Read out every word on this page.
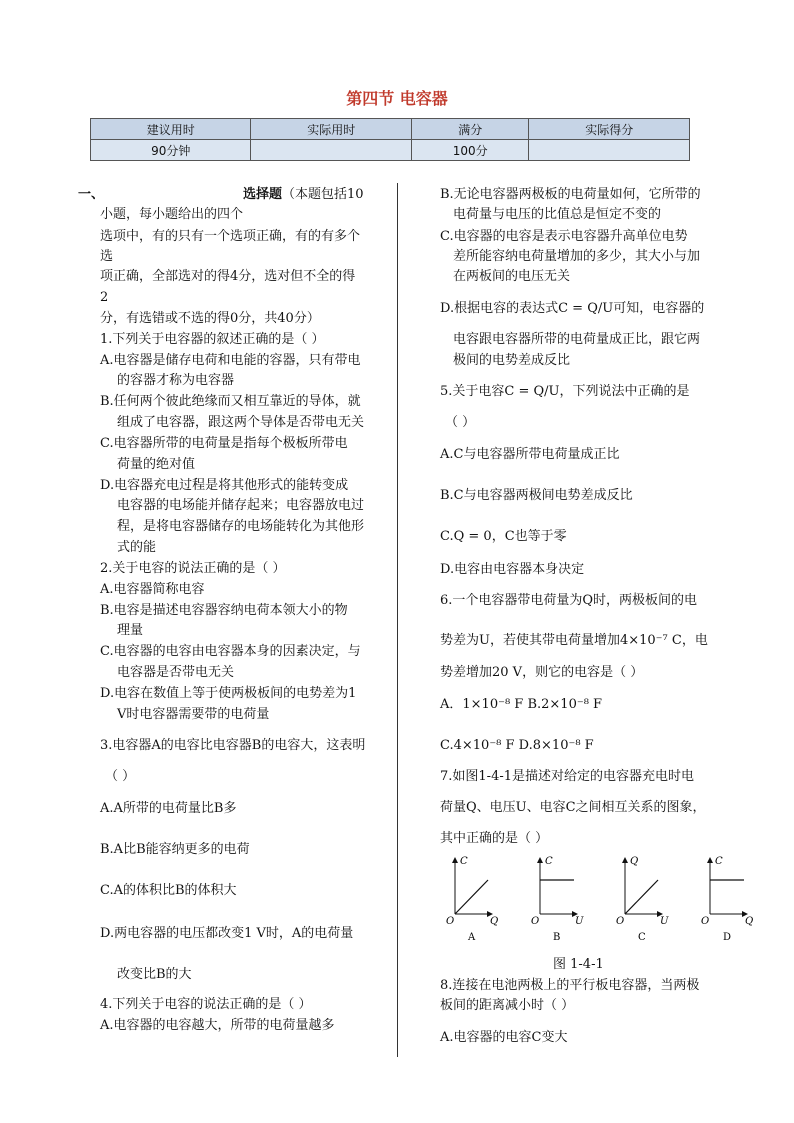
第四节 电容器
建议用时	实际用时	满分	实际得分
90分钟		100分	
一、	选择题（本题包括10
小题，每小题给出的四个
选项中，有的只有一个选项正确，有的有多个
选
项正确，全部选对的得4分，选对但不全的得
2
分，有选错或不选的得0分，共40分）
1.下列关于电容器的叙述正确的是（ ）
A.电容器是储存电荷和电能的容器，只有带电
的容器才称为电容器
B.任何两个彼此绝缘而又相互靠近的导体，就
组成了电容器，跟这两个导体是否带电无关
C.电容器所带的电荷量是指每个极板所带电
荷量的绝对值
D.电容器充电过程是将其他形式的能转变成
电容器的电场能并储存起来；电容器放电过
程，是将电容器储存的电场能转化为其他形
式的能
2.关于电容的说法正确的是（ ）
A.电容器简称电容
B.电容是描述电容器容纳电荷本领大小的物
理量
C.电容器的电容由电容器本身的因素决定，与
电容器是否带电无关
D.电容在数值上等于使两极板间的电势差为1
V时电容器需要带的电荷量
3.电容器A的电容比电容器B的电容大，这表明
（ ）
A.A所带的电荷量比B多
B.A比B能容纳更多的电荷
C.A的体积比B的体积大
D.两电容器的电压都改变1 V时，A的电荷量
改变比B的大
4.下列关于电容的说法正确的是（ ）
A.电容器的电容越大，所带的电荷量越多
B.无论电容器两极板的电荷量如何，它所带的
电荷量与电压的比值总是恒定不变的
C.电容器的电容是表示电容器升高单位电势
差所能容纳电荷量增加的多少，其大小与加
在两板间的电压无关
D.根据电容的表达式C = Q/U可知，电容器的
电容跟电容器所带的电荷量成正比，跟它两
极间的电势差成反比
5.关于电容C = Q/U，下列说法中正确的是
（ ）
A.C与电容器所带电荷量成正比
B.C与电容器两极间电势差成反比
C.Q = 0，C也等于零
D.电容由电容器本身决定
6.一个电容器带电荷量为Q时，两极板间的电
势差为U，若使其带电荷量增加4×10⁻⁷ C，电
势差增加20 V，则它的电容是（ ）
A．1×10⁻⁸ F B.2×10⁻⁸ F
C.4×10⁻⁸ F D.8×10⁻⁸ F
7.如图1-4-1是描述对给定的电容器充电时电
荷量Q、电压U、电容C之间相互关系的图象，
其中正确的是（ ）
C
Q
O
A
C
U
O
B
Q
U
O
C
C
Q
O
D
图 1-4-1
8.连接在电池两极上的平行板电容器，当两极
板间的距离减小时（ ）
A.电容器的电容C变大
